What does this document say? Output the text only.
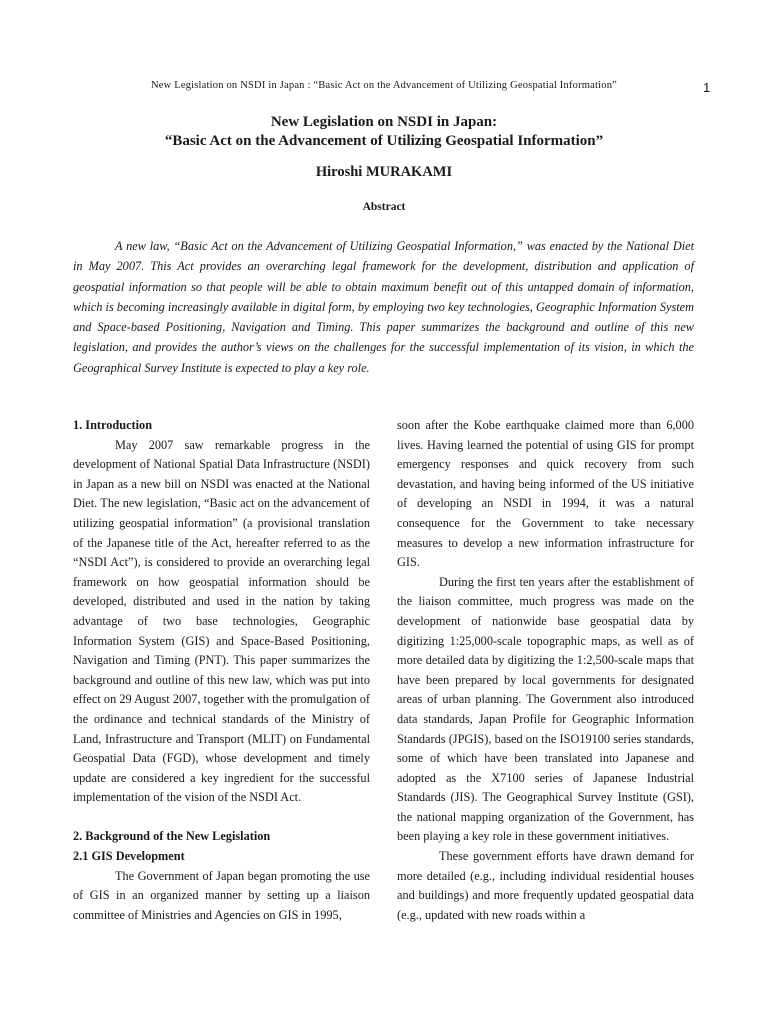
New Legislation on NSDI in Japan : “Basic Act on the Advancement of Utilizing Geospatial Information”	1
New Legislation on NSDI in Japan:
“Basic Act on the Advancement of Utilizing Geospatial Information”
Hiroshi MURAKAMI
Abstract

A new law, “Basic Act on the Advancement of Utilizing Geospatial Information,” was enacted by the National Diet in May 2007. This Act provides an overarching legal framework for the development, distribution and application of geospatial information so that people will be able to obtain maximum benefit out of this untapped domain of information, which is becoming increasingly available in digital form, by employing two key technologies, Geographic Information System and Space-based Positioning, Navigation and Timing. This paper summarizes the background and outline of this new legislation, and provides the author’s views on the challenges for the successful implementation of its vision, in which the Geographical Survey Institute is expected to play a key role.

1. Introduction

May 2007 saw remarkable progress in the development of National Spatial Data Infrastructure (NSDI) in Japan as a new bill on NSDI was enacted at the National Diet. The new legislation, “Basic act on the advancement of utilizing geospatial information” (a provisional translation of the Japanese title of the Act, hereafter referred to as the “NSDI Act”), is considered to provide an overarching legal framework on how geospatial information should be developed, distributed and used in the nation by taking advantage of two base technologies, Geographic Information System (GIS) and Space-Based Positioning, Navigation and Timing (PNT). This paper summarizes the background and outline of this new law, which was put into effect on 29 August 2007, together with the promulgation of the ordinance and technical standards of the Ministry of Land, Infrastructure and Transport (MLIT) on Fundamental Geospatial Data (FGD), whose development and timely update are considered a key ingredient for the successful implementation of the vision of the NSDI Act.

2. Background of the New Legislation
2.1 GIS Development

The Government of Japan began promoting the use of GIS in an organized manner by setting up a liaison committee of Ministries and Agencies on GIS in 1995,

soon after the Kobe earthquake claimed more than 6,000 lives. Having learned the potential of using GIS for prompt emergency responses and quick recovery from such devastation, and having being informed of the US initiative of developing an NSDI in 1994, it was a natural consequence for the Government to take necessary measures to develop a new information infrastructure for GIS.

During the first ten years after the establishment of the liaison committee, much progress was made on the development of nationwide base geospatial data by digitizing 1:25,000-scale topographic maps, as well as of more detailed data by digitizing the 1:2,500-scale maps that have been prepared by local governments for designated areas of urban planning. The Government also introduced data standards, Japan Profile for Geographic Information Standards (JPGIS), based on the ISO19100 series standards, some of which have been translated into Japanese and adopted as the X7100 series of Japanese Industrial Standards (JIS). The Geographical Survey Institute (GSI), the national mapping organization of the Government, has been playing a key role in these government initiatives.

These government efforts have drawn demand for more detailed (e.g., including individual residential houses and buildings) and more frequently updated geospatial data (e.g., updated with new roads within a
